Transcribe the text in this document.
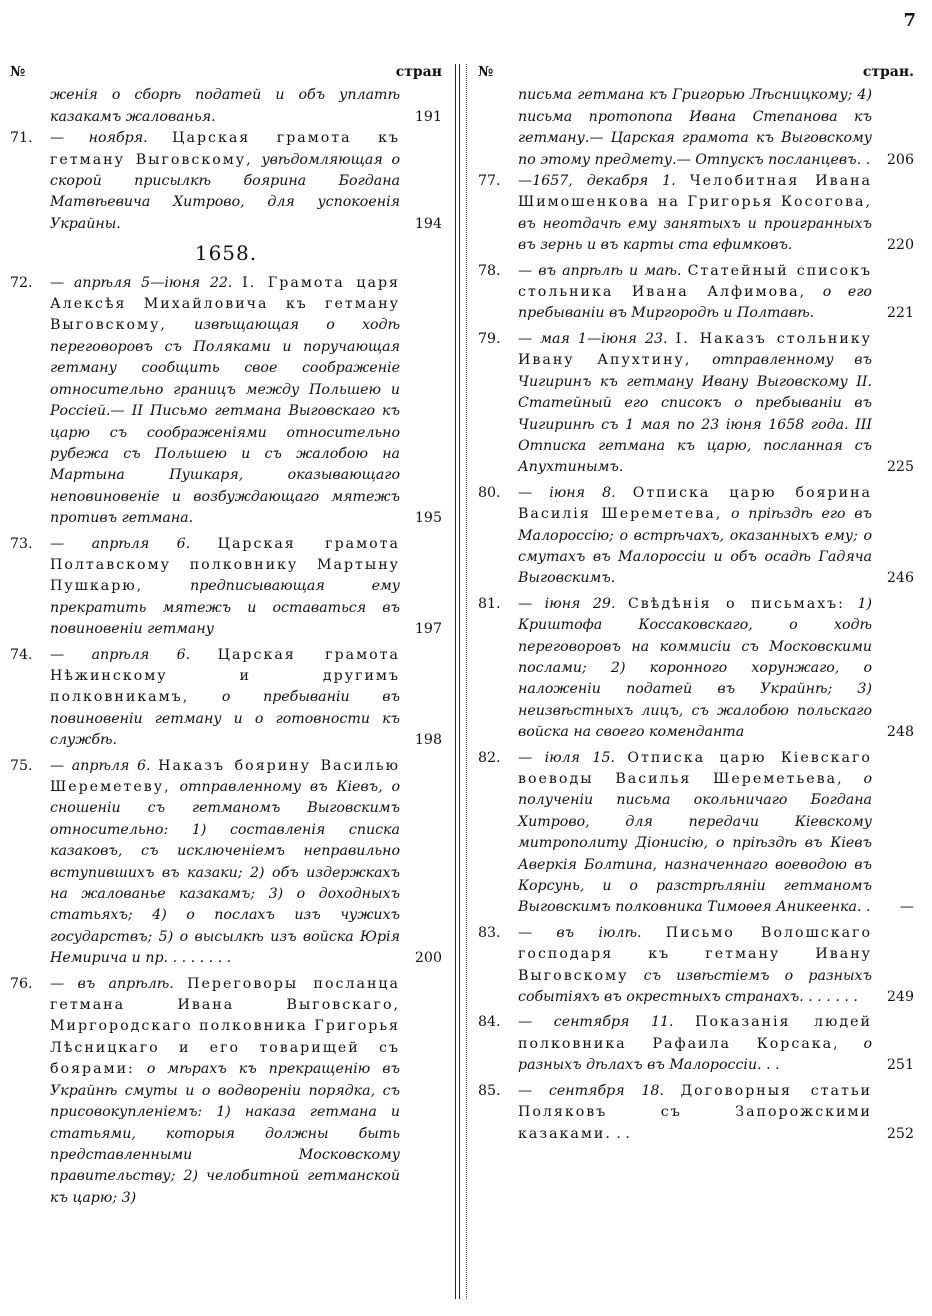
7
№	стран
женія о сборѣ податей и объ уплатѣ казакамъ жалованья.	191
71.	— ноября. Царская грамота къ гетману Выговскому, увѣдомляющая о скорой присылкѣ боярина Богдана Матвѣевича Хитрово, для успокоенія Украйны.	194
1658.
72.	— апрѣля 5—іюня 22. I. Грамота царя Алексѣя Михайловича къ гетману Выговскому, извѣщающая о ходѣ переговоровъ съ Поляками и поручающая гетману сообщить свое соображеніе относительно границъ между Польшею и Россіей.— II Письмо гетмана Выговскаго къ царю съ соображеніями относительно рубежа съ Польшею и съ жалобою на Мартына Пушкаря, оказывающаго неповиновеніе и возбуждающаго мятежъ противъ гетмана.	195
73.	— апрѣля 6. Царская грамота Полтавскому полковнику Мартыну Пушкарю,	предписывающая ему прекратить мятежъ и оставаться въ повиновеніи гетману	197
74.	— апрѣля 6. Царская грамота Нѣжинскому и другимъ полковникамъ, о пребываніи въ повиновеніи гетману и о готовности къ службѣ.	198
75.	— апрѣля 6. Наказъ боярину Василью Шереметеву, отправленному въ Кіевъ, о сношеніи съ гетманомъ Выговскимъ относительно: 1) составленія списка казаковъ, съ исключеніемъ неправильно вступившихъ въ казаки; 2) объ издержкахъ на жалованье казакамъ; 3) о доходныхъ статьяхъ; 4) о послахъ изъ чужихъ государствъ; 5) о высылкѣ изъ войска Юрія Немирича и пр. . . . . . . .	200
76.	— въ апрѣлѣ. Переговоры посланца гетмана Ивана Выговскаго, Миргородскаго полковника Григорья Лѣсницкаго и его товарищей съ боярами: о мѣрахъ къ прекращенію въ Украйнѣ смуты и о водвореніи порядка, съ присовокупленіемъ: 1) наказа гетмана и статьями, которыя должны быть представленными Московскому правительству; 2) челобитной гетманской къ царю; 3)
№	стран.
письма гетмана къ Григорью Лѣсницкому; 4) письма протопопа Ивана Степанова къ гетману.— Царская грамота къ Выговскому по этому предмету.— Отпускъ посланцевъ. .	206
77.	—1657, декабря 1. Челобитная Ивана Шимошенкова на Григорья Косогова, въ неотдачѣ ему занятыхъ и проигранныхъ въ зернь и въ карты ста ефимковъ.	220
78.	— въ апрѣлѣ и маѣ. Статейный списокъ стольника Ивана Алфимова, о его пребываніи въ Миргородѣ и Полтавѣ.	221
79.	— мая 1—іюня 23. I. Наказъ стольнику Ивану Апухтину, отправленному въ Чигиринъ къ гетману Ивану Выговскому II. Статейный его списокъ о пребываніи въ Чигиринѣ съ 1 мая по 23 іюня 1658 года. III Отписка гетмана къ царю, посланная съ Апухтинымъ.	225
80.	— іюня 8. Отписка царю боярина Василія Шереметева, о пріѣздѣ его въ Малороссію; о встрѣчахъ, оказанныхъ ему; о смутахъ въ Малороссіи и объ осадѣ Гадяча Выговскимъ.	246
81.	— іюня 29. Свѣдѣнія о письмахъ: 1) Криштофа Коссаковскаго, о ходѣ переговоровъ на коммисіи съ Московскими послами; 2) коронного хорунжаго, о наложеніи податей въ Украйнѣ; 3) неизвѣстныхъ лицъ, съ жалобою польскаго войска на своего коменданта	248
82.	— іюля 15. Отписка царю Кіевскаго воеводы Василья Шереметьева, о полученіи письма окольничаго Богдана Хитрово, для передачи Кіевскому митрополиту Діонисію, о пріѣздѣ въ Кіевъ Аверкія Болтина, назначеннаго воеводою въ Корсунь, и о разстрѣляніи гетманомъ Выговскимъ полковника Тимоѳея Аникеенка. .	—
83.	— въ іюлѣ. Письмо Волошскаго господаря къ гетману Ивану Выговскому съ извѣстіемъ о разныхъ событіяхъ въ окрестныхъ странахъ. . . . . . .	249
84.	— сентября 11. Показанія людей полковника Рафаила Корсака, о разныхъ дѣлахъ въ Малороссіи. . .	251
85.	— сентября 18. Договорныя статьи Поляковъ съ Запорожскими казаками. . .	252
